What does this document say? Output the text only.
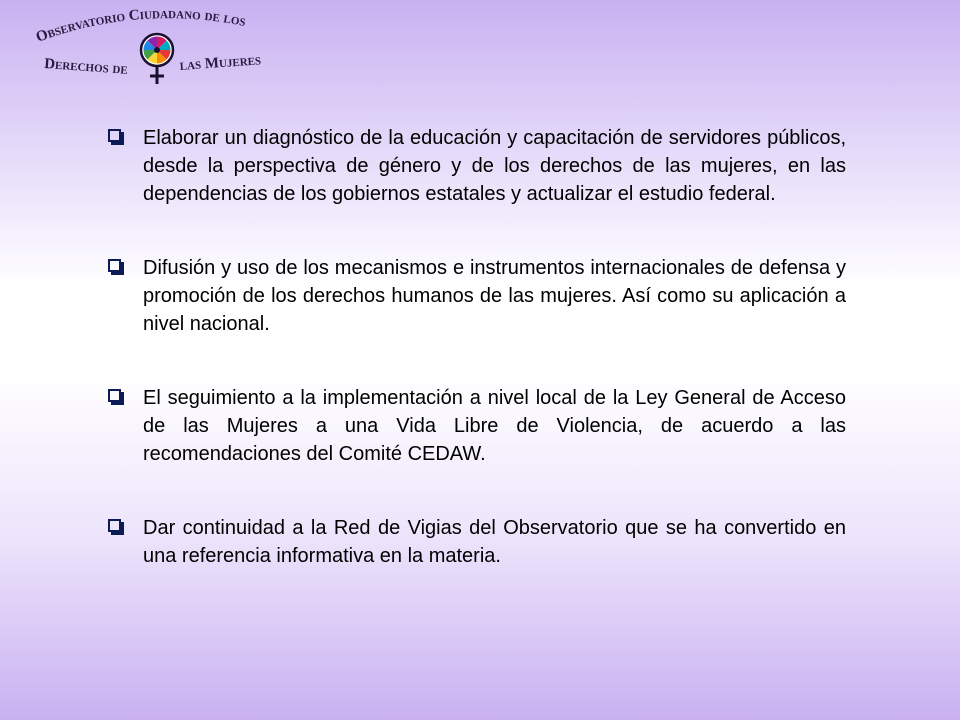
Observatorio Ciudadano de los
Derechos de	las Mujeres
Elaborar un diagnóstico de la educación y capacitación de servidores públicos, desde la perspectiva de género y de los derechos de las mujeres, en las dependencias de los gobiernos estatales y actualizar el estudio federal.
Difusión y uso de los mecanismos e instrumentos internacionales de defensa y promoción de los derechos humanos de las mujeres. Así como su aplicación a nivel nacional.
El seguimiento a la implementación a nivel local de la Ley General de Acceso de las Mujeres a una Vida Libre de Violencia, de acuerdo a las recomendaciones del Comité CEDAW.
Dar continuidad a la Red de Vigias del Observatorio que se ha convertido en una referencia informativa en la materia.
